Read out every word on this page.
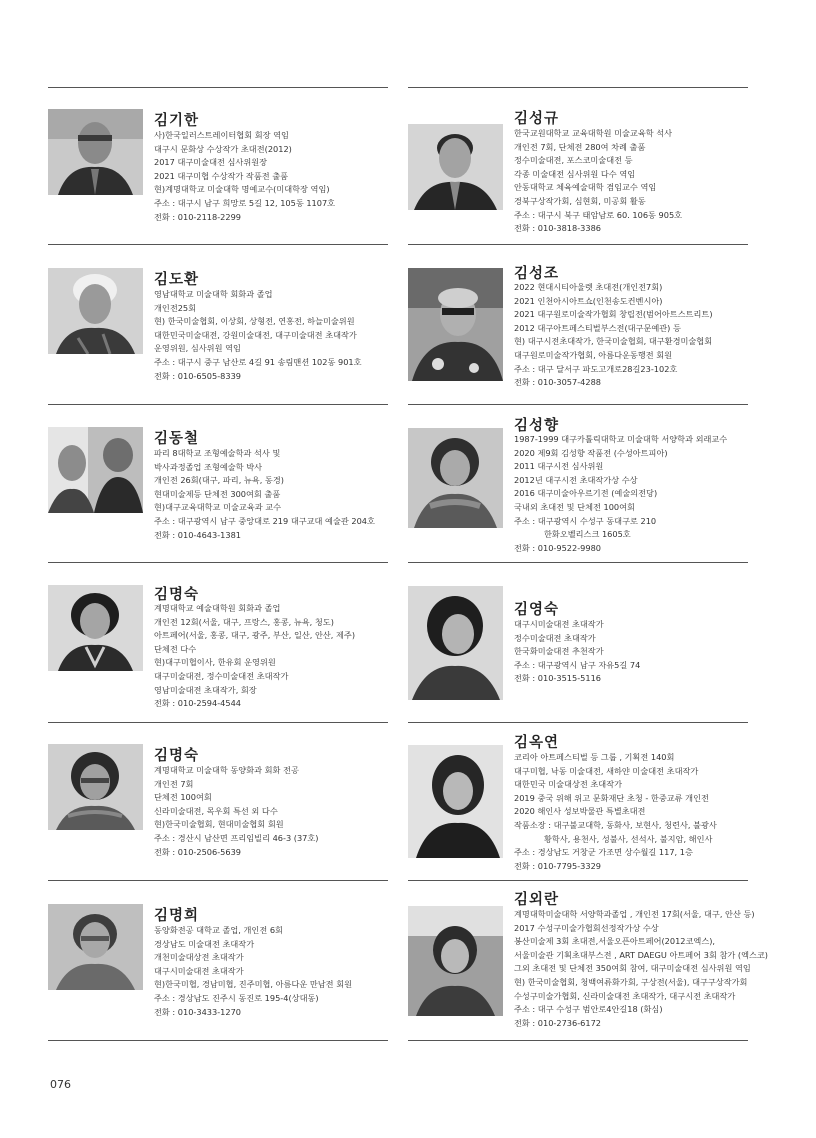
김기한
사)한국일러스트레이터협회 회장 역임
대구시 문화상 수상작가 초대전(2012)
2017 대구미술대전 심사위원장
2021 대구미협 수상작가 작품전 출품
현)계명대학교 미술대학 명예교수(미대학장 역임)
주소 : 대구시 남구 희망로 5길 12, 105동 1107호
전화 : 010-2118-2299
김도환
영남대학교 미술대학 회화과 졸업
개인전25회
현) 한국미술협회, 이상회, 상형전, 연홍전, 하늘미술위원
대한민국미술대전, 강원미술대전, 대구미술대전 초대작가
운영위원, 심사위원 역임
주소 : 대구시 중구 남산로 4길 91 송림맨션 102동 901호
전화 : 010-6505-8339
김동철
파리 8대학교 조형예술학과 석사 및
박사과정졸업 조형예술학 박사
개인전 26회(대구, 파리, 뉴욕, 동경)
현대미술제등 단체전 300여회 출품
현)대구교육대학교 미술교육과 교수
주소 : 대구광역시 남구 중앙대로 219 대구교대 예술관 204호
전화 : 010-4643-1381
김명숙
계명대학교 예술대학원 회화과 졸업
개인전 12회(서울, 대구, 프랑스, 홍콩, 뉴욕, 청도)
아트페어(서울, 홍콩, 대구, 광주, 부산, 일산, 안산, 제주)
단체전 다수
현)대구미협이사, 한유회 운영위원
대구미술대전, 정수미술대전 초대작가
영남미술대전 초대작가, 회장
전화 : 010-2594-4544
김명숙
계명대학교 미술대학 동양화과 회화 전공
개인전 7회
단체전 100여회
신라미술대전, 목우회 특선 외 다수
현)한국미술협회, 현대미술협회 회원
주소 : 경산시 남산면 프리임빌리 46-3 (37호)
전화 : 010-2506-5639
김명희
동양화전공 대학교 졸업, 개인전 6회
경상남도 미술대전 초대작가
개천미술대상전 초대작가
대구시미술대전 초대작가
현)한국미협, 경남미협, 진주미협, 아름다운 만남전 회원
주소 : 경상남도 진주시 동진로 195-4(상대동)
전화 : 010-3433-1270
김성규
한국교원대학교 교육대학원 미술교육학 석사
개인전 7회, 단체전 280여 차례 출품
정수미술대전, 포스코미술대전 등
각종 미술대전 심사위원 다수 역임
안동대학교 체육예술대학 겸임교수 역임
경북구상작가회, 심현회, 미공회 활동
주소 : 대구시 북구 태암남로 60. 106동 905호
전화 : 010-3818-3386
김성조
2022 현대시티아울렛 초대전(개인전7회)
2021 인천아시아트쇼(인천송도컨벤시아)
2021 대구원로미술작가협회 창립전(범어아트스트리트)
2012 대구아트페스티벌부스전(대구문예관) 등
현) 대구시전초대작가, 한국미술협회, 대구환경미술협회
대구원로미술작가협회, 아름다운동행전 회원
주소 : 대구 달서구 파도고개로28길23-102호
전화 : 010-3057-4288
김성향
1987-1999 대구카톨릭대학교 미술대학 서양학과 외래교수
2020 제9회 김성향 작품전 (수성아트피아)
2011 대구시전 심사위원
2012년 대구시전 초대작가상 수상
2016 대구미술아우르기전 (예술의전당)
국내외 초대전 및 단체전 100여회
주소 : 대구광역시 수성구 동대구로 210
한화오벨리스크 1605호
전화 : 010-9522-9980
김영숙
대구시미술대전 초대작가
정수미술대전 초대작가
한국화미술대전 추천작가
주소 : 대구광역시 남구 자유5길 74
전화 : 010-3515-5116
김옥연
코리아 아트페스티벌 등 그룹 , 기획전 140회
대구미협, 낙동 미술대전, 새하얀 미술대전 초대작가
대한민국 미술대상전 초대작가
2019 중국 위해 위고 문화재단 초청 - 한중교류 개인전
2020 해인사 성보박물관 특별초대전
작품소장 : 대구불교대학, 동화사, 보현사, 청련사, 불광사
황학사, 용천사, 성불사, 선석사, 불지암, 해인사
주소 : 경상남도 거창군 가조면 상수월길 117, 1층
전화 : 010-7795-3329
김외란
계명대학미술대학 서양학과졸업 , 개인전 17회(서울, 대구, 안산 등)
2017 수성구미술가협회선정작가상 수상
봉산미술제 3회 초대전,서울오픈아트페어(2012코엑스),
서울미술관 기획초대부스전 , ART DAEGU 아트페어 3회 참가 (엑스코)
그외 초대전 및 단체전 350여회 참여, 대구미술대전 심사위원 역임
현) 한국미술협회, 청백여류화가회, 구상전(서울), 대구구상작가회
수성구미술가협회, 신라미술대전 초대작가, 대구시전 초대작가
주소 : 대구 수성구 범안로4안길18 (화심)
전화 : 010-2736-6172
076
